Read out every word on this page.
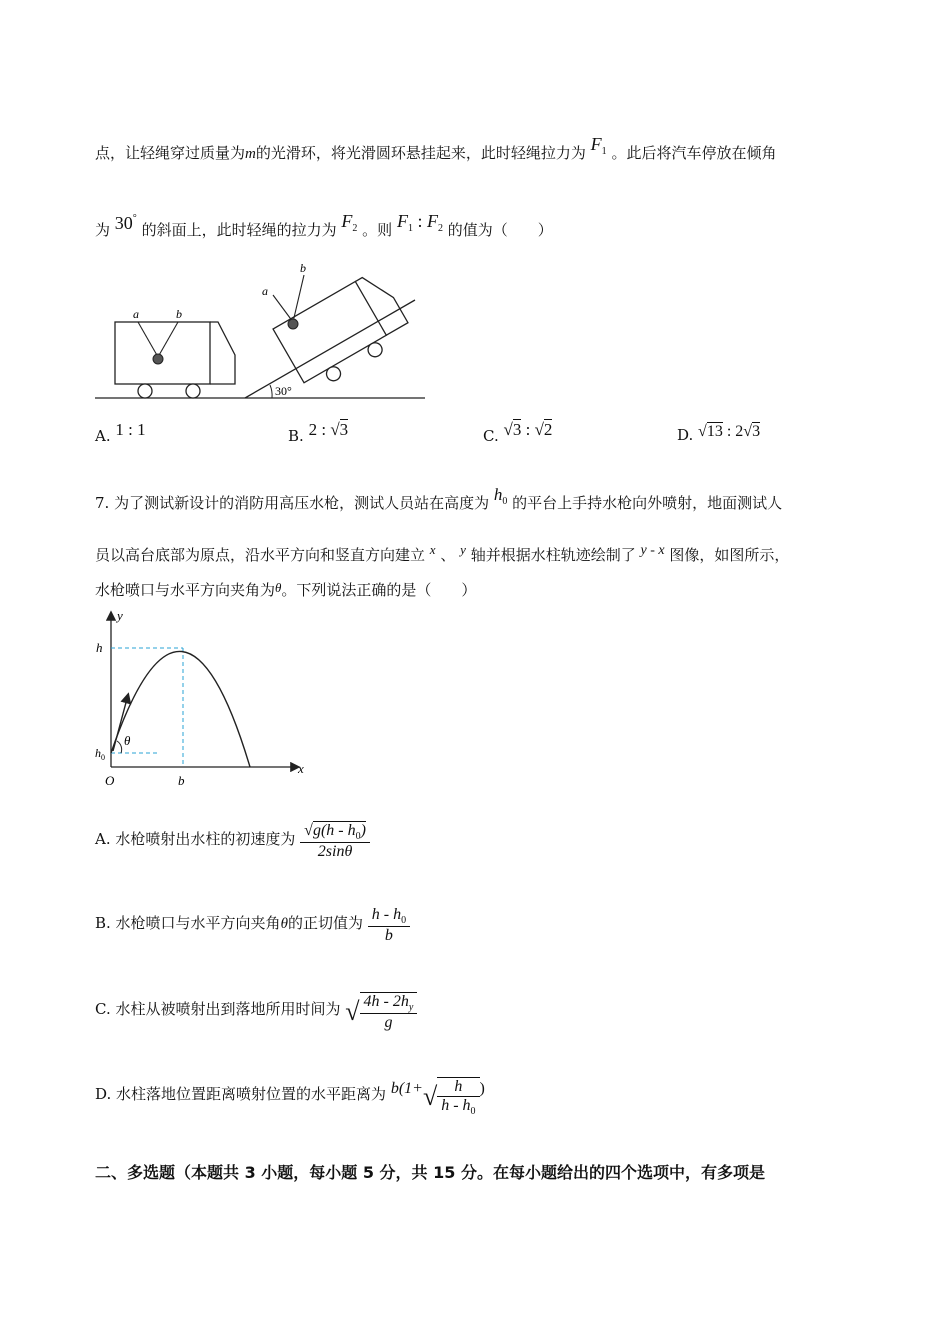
点，让轻绳穿过质量为m的光滑环，将光滑圆环悬挂起来，此时轻绳拉力为 $F_1$ 。此后将汽车停放在倾角
为 30° 的斜面上，此时轻绳的拉力为 $F_2$ 。则 $F_1$ : $F_2$ 的值为（　　）
30°
a	b
a
b
A. 1 : 1	B. 2 : √3	C. √3 : √2	D. √13 : 2√3
7. 为了测试新设计的消防用高压水枪，测试人员站在高度为 $h_0$ 的平台上手持水枪向外喷射，地面测试人
员以高台底部为原点，沿水平方向和竖直方向建立 x 、 y 轴并根据水柱轨迹绘制了 y - x 图像，如图所示，
水枪喷口与水平方向夹角为θ。下列说法正确的是（　　）
y
x
O	b
h
$h_0$
θ
A. 水枪喷射出水柱的初速度为 $\frac{√g(h - h_0)}{2\sin\theta}$
B. 水枪喷口与水平方向夹角θ的正切值为 $\frac{h - h_0}{b}$
C. 水柱从被喷射出到落地所用时间为 √ $\frac{4h - 2h_y}{g}$
D. 水柱落地位置距离喷射位置的水平距离为 $b(1+√ \frac{h}{h - h_0}$ )
二、多选题（本题共 3 小题，每小题 5 分，共 15 分。在每小题给出的四个选项中，有多项是
